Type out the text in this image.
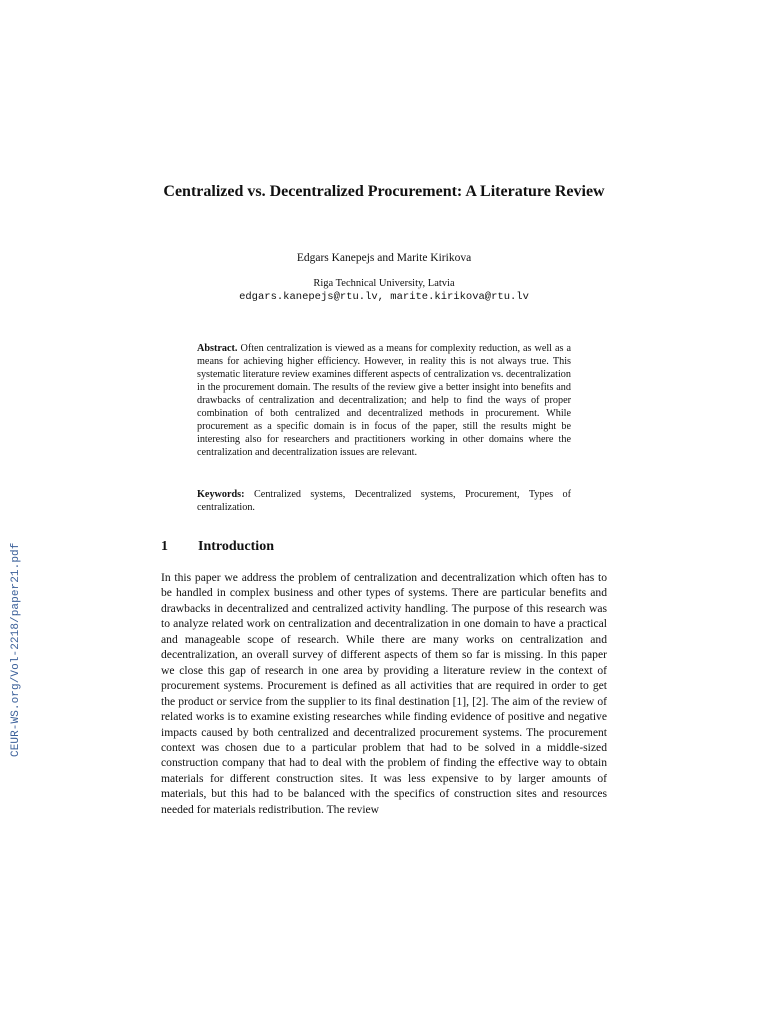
CEUR-WS.org/Vol-2218/paper21.pdf
Centralized vs. Decentralized Procurement: A Literature Review
Edgars Kanepejs and Marite Kirikova
Riga Technical University, Latvia
edgars.kanepejs@rtu.lv, marite.kirikova@rtu.lv
Abstract. Often centralization is viewed as a means for complexity reduction, as well as a means for achieving higher efficiency. However, in reality this is not always true. This systematic literature review examines different aspects of centralization vs. decentralization in the procurement domain. The results of the review give a better insight into benefits and drawbacks of centralization and decentralization; and help to find the ways of proper combination of both centralized and decentralized methods in procurement. While procurement as a specific domain is in focus of the paper, still the results might be interesting also for researchers and practitioners working in other domains where the centralization and decentralization issues are relevant.
Keywords: Centralized systems, Decentralized systems, Procurement, Types of centralization.
1 Introduction
In this paper we address the problem of centralization and decentralization which often has to be handled in complex business and other types of systems. There are particular benefits and drawbacks in decentralized and centralized activity handling. The purpose of this research was to analyze related work on centralization and decentralization in one domain to have a practical and manageable scope of research. While there are many works on centralization and decentralization, an overall survey of different aspects of them so far is missing. In this paper we close this gap of research in one area by providing a literature review in the context of procurement systems. Procurement is defined as all activities that are required in order to get the product or service from the supplier to its final destination [1], [2]. The aim of the review of related works is to examine existing researches while finding evidence of positive and negative impacts caused by both centralized and decentralized procurement systems. The procurement context was chosen due to a particular problem that had to be solved in a middle-sized construction company that had to deal with the problem of finding the effective way to obtain materials for different construction sites. It was less expensive to by larger amounts of materials, but this had to be balanced with the specifics of construction sites and resources needed for materials redistribution. The review
